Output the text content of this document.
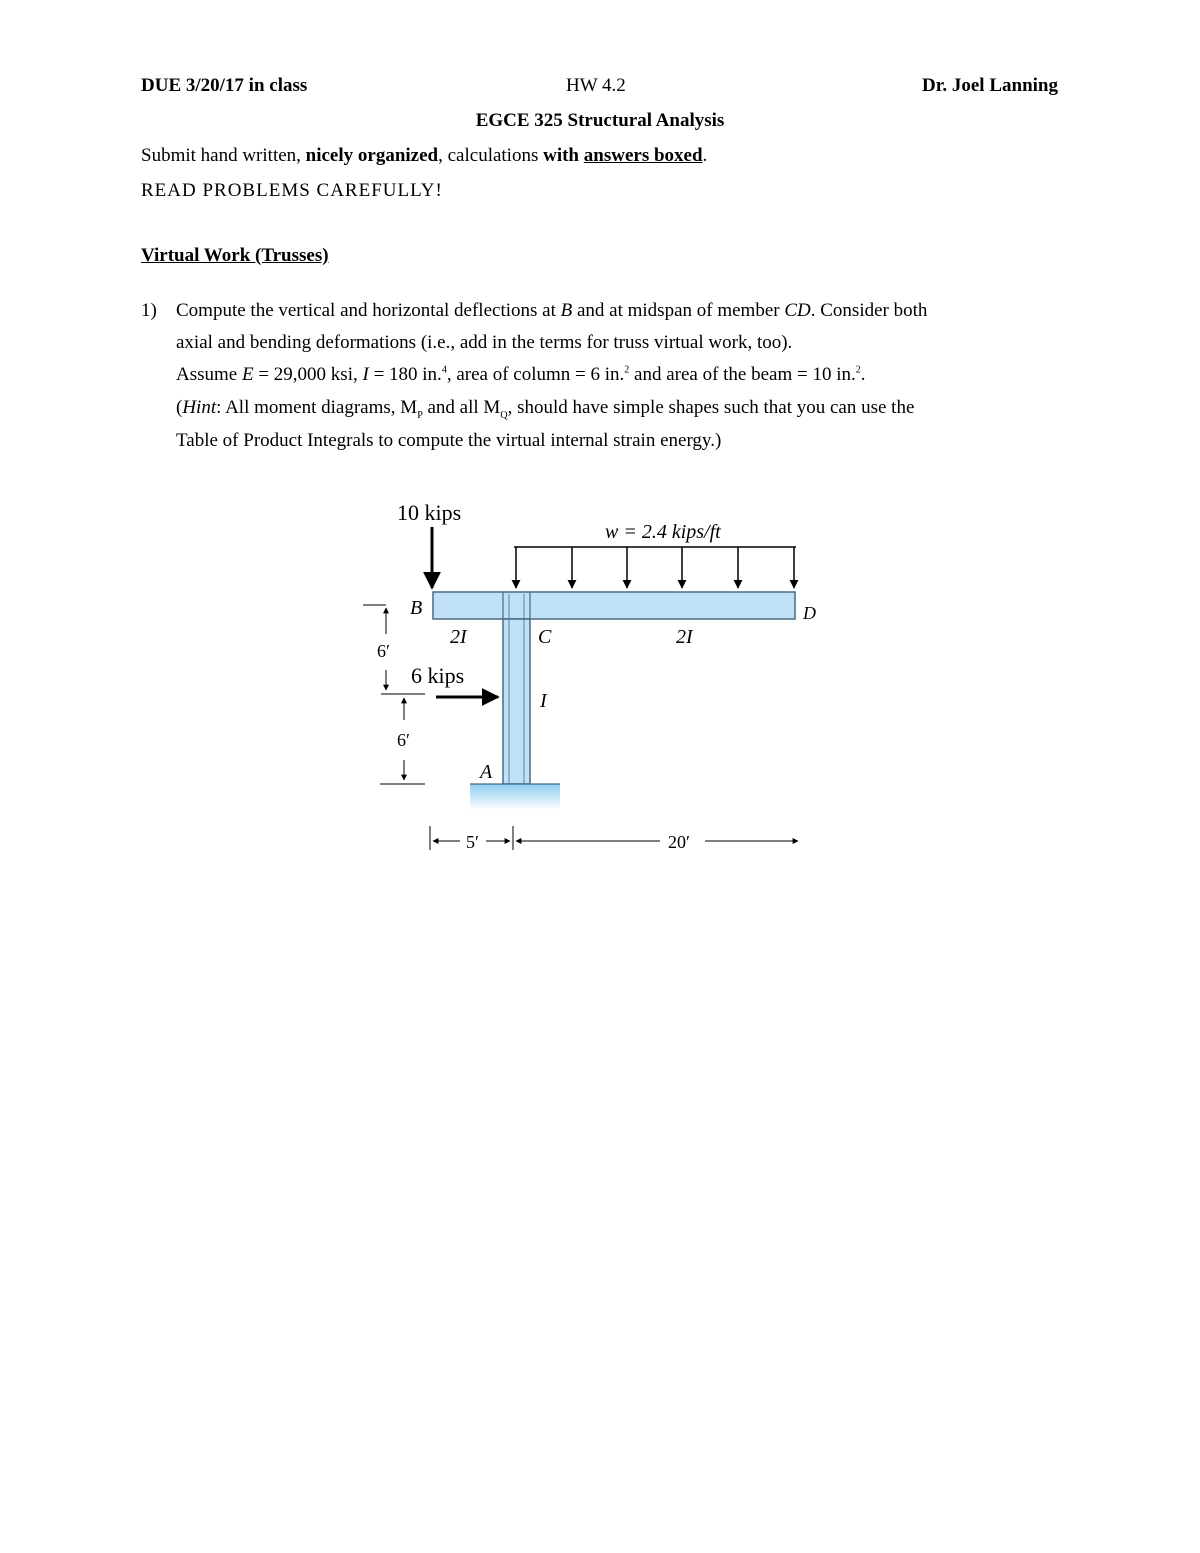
DUE 3/20/17 in class	HW 4.2	Dr. Joel Lanning
EGCE 325 Structural Analysis
Submit hand written, nicely organized, calculations with answers boxed.
READ PROBLEMS CAREFULLY!
Virtual Work (Trusses)
1) Compute the vertical and horizontal deflections at B and at midspan of member CD. Consider both
axial and bending deformations (i.e., add in the terms for truss virtual work, too).
Assume E = 29,000 ksi, I = 180 in.$^4$, area of column = 6 in.$^2$ and area of the beam = 10 in.$^2$.
(Hint: All moment diagrams, $M_P$ and all $M_Q$, should have simple shapes such that you can use the
Table of Product Integrals to compute the virtual internal strain energy.)
10 kips
w = 2.4 kips/ft
B	D
C
A
2I	2I
I
6 kips
6′
6′
5′	20′
